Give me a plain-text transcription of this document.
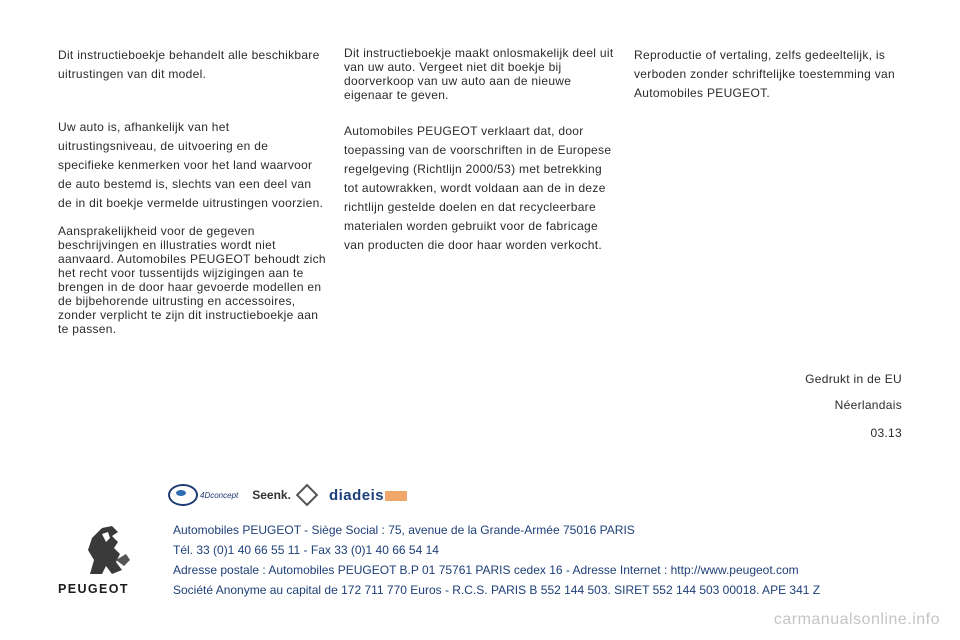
Dit instructieboekje behandelt alle beschikbare uitrustingen van dit model.

Uw auto is, afhankelijk van het uitrustingsniveau, de uitvoering en de specifieke kenmerken voor het land waarvoor de auto bestemd is, slechts van een deel van de in dit boekje vermelde uitrustingen voorzien.

Aansprakelijkheid voor de gegeven beschrijvingen en illustraties wordt niet aanvaard. Automobiles PEUGEOT behoudt zich het recht voor tussentijds wijzigingen aan te brengen in de door haar gevoerde modellen en de bijbehorende uitrusting en accessoires, zonder verplicht te zijn dit instructieboekje aan te passen.

Dit instructieboekje maakt onlosmakelijk deel uit van uw auto. Vergeet niet dit boekje bij doorverkoop van uw auto aan de nieuwe eigenaar te geven.

Automobiles PEUGEOT verklaart dat, door toepassing van de voorschriften in de Europese regelgeving (Richtlijn 2000/53) met betrekking tot autowrakken, wordt voldaan aan de in deze richtlijn gestelde doelen en dat recycleerbare materialen worden gebruikt voor de fabricage van producten die door haar worden verkocht.

Reproductie of vertaling, zelfs gedeeltelijk, is verboden zonder schriftelijke toestemming van Automobiles PEUGEOT.

Gedrukt in de EU
Néerlandais
03.13
4Dconcept Seenk.	diadeis
PEUGEOT

Automobiles PEUGEOT - Siège Social : 75, avenue de la Grande-Armée 75016 PARIS

Tél. 33 (0)1 40 66 55 11 - Fax 33 (0)1 40 66 54 14

Adresse postale : Automobiles PEUGEOT B.P 01 75761 PARIS cedex 16 - Adresse Internet : http://www.peugeot.com

Société Anonyme au capital de 172 711 770 Euros - R.C.S. PARIS B 552 144 503. SIRET 552 144 503 00018. APE 341 Z

carmanualsonline.info
